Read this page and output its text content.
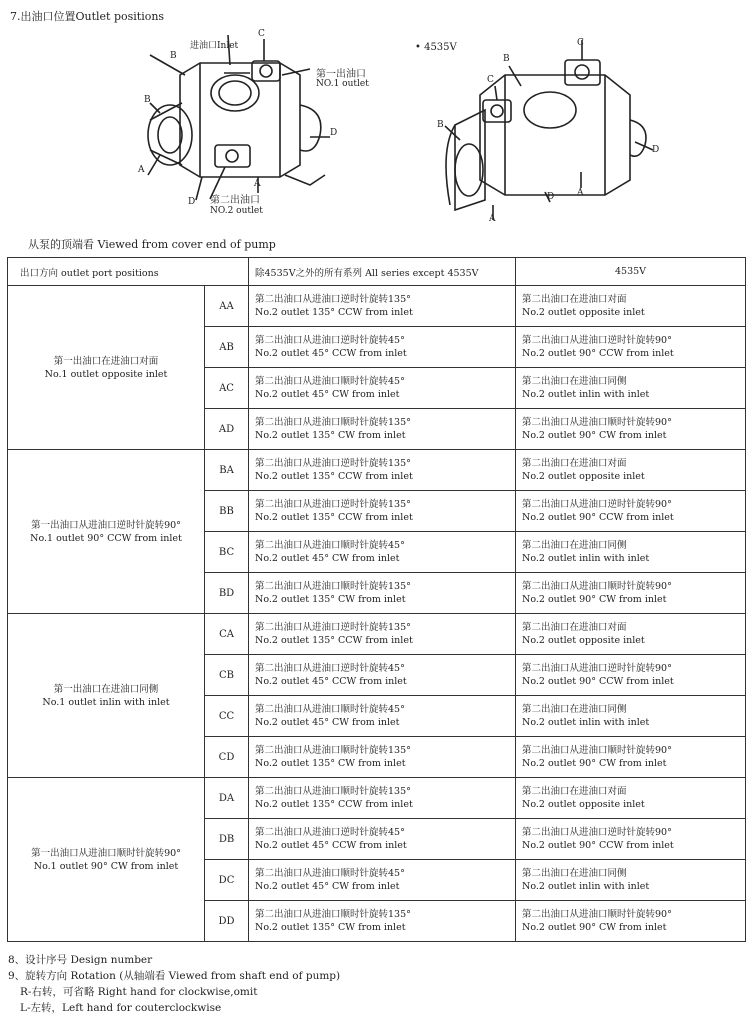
7.出油口位置Outlet positions
进油口Inlet
C
第一出油口
NO.1 outlet
B
B
A
A
D
D 第二出油口
NO.2 outlet
• 4535V	C
C
B
B
D
D	A
A
从泵的顶端看 Viewed from cover end of pump
出口方向 outlet port positions		除4535V之外的所有系列 All series except 4535V	4535V

第一出油口在进油口对面
No.1 outlet opposite inlet	AA	第二出油口从进油口逆时针旋转135°
No.2 outlet 135° CCW from inlet	第二出油口在进油口对面
No.2 outlet opposite inlet

	AB	第二出油口从进油口逆时针旋转45°
No.2 outlet 45° CCW from inlet	第二出油口从进油口逆时针旋转90°
No.2 outlet 90° CCW from inlet

	AC	第二出油口从进油口顺时针旋转45°
No.2 outlet 45° CW from inlet	第二出油口在进油口同侧
No.2 outlet inlin with inlet

	AD	第二出油口从进油口顺时针旋转135°
No.2 outlet 135° CW from inlet	第二出油口从进油口顺时针旋转90°
No.2 outlet 90° CW from inlet

第一出油口从进油口逆时针旋转90°
No.1 outlet 90° CCW from inlet	BA	第二出油口从进油口逆时针旋转135°
No.2 outlet 135° CCW from inlet	第二出油口在进油口对面
No.2 outlet opposite inlet

	BB	第二出油口从进油口逆时针旋转135°
No.2 outlet 135° CCW from inlet	第二出油口从进油口逆时针旋转90°
No.2 outlet 90° CCW from inlet

	BC	第二出油口从进油口顺时针旋转45°
No.2 outlet 45° CW from inlet	第二出油口在进油口同侧
No.2 outlet inlin with inlet

	BD	第二出油口从进油口顺时针旋转135°
No.2 outlet 135° CW from inlet	第二出油口从进油口顺时针旋转90°
No.2 outlet 90° CW from inlet

第一出油口在进油口同侧
No.1 outlet inlin with inlet	CA	第二出油口从进油口逆时针旋转135°
No.2 outlet 135° CCW from inlet	第二出油口在进油口对面
No.2 outlet opposite inlet

	CB	第二出油口从进油口逆时针旋转45°
No.2 outlet 45° CCW from inlet	第二出油口从进油口逆时针旋转90°
No.2 outlet 90° CCW from inlet

	CC	第二出油口从进油口顺时针旋转45°
No.2 outlet 45° CW from inlet	第二出油口在进油口同侧
No.2 outlet inlin with inlet

	CD	第二出油口从进油口顺时针旋转135°
No.2 outlet 135° CW from inlet	第二出油口从进油口顺时针旋转90°
No.2 outlet 90° CW from inlet

第一出油口从进油口顺时针旋转90°
No.1 outlet 90° CW from inlet	DA	第二出油口从进油口顺时针旋转135°
No.2 outlet 135° CCW from inlet	第二出油口在进油口对面
No.2 outlet opposite inlet

	DB	第二出油口从进油口逆时针旋转45°
No.2 outlet 45° CCW from inlet	第二出油口从进油口逆时针旋转90°
No.2 outlet 90° CCW from inlet

	DC	第二出油口从进油口顺时针旋转45°
No.2 outlet 45° CW from inlet	第二出油口在进油口同侧
No.2 outlet inlin with inlet

	DD	第二出油口从进油口顺时针旋转135°
No.2 outlet 135° CW from inlet	第二出油口从进油口顺时针旋转90°
No.2 outlet 90° CW from inlet
8、设计序号 Design number
9、旋转方向 Rotation (从轴端看 Viewed from shaft end of pump)
R-右转，可省略 Right hand for clockwise,omit
L-左转，Left hand for couterclockwise
